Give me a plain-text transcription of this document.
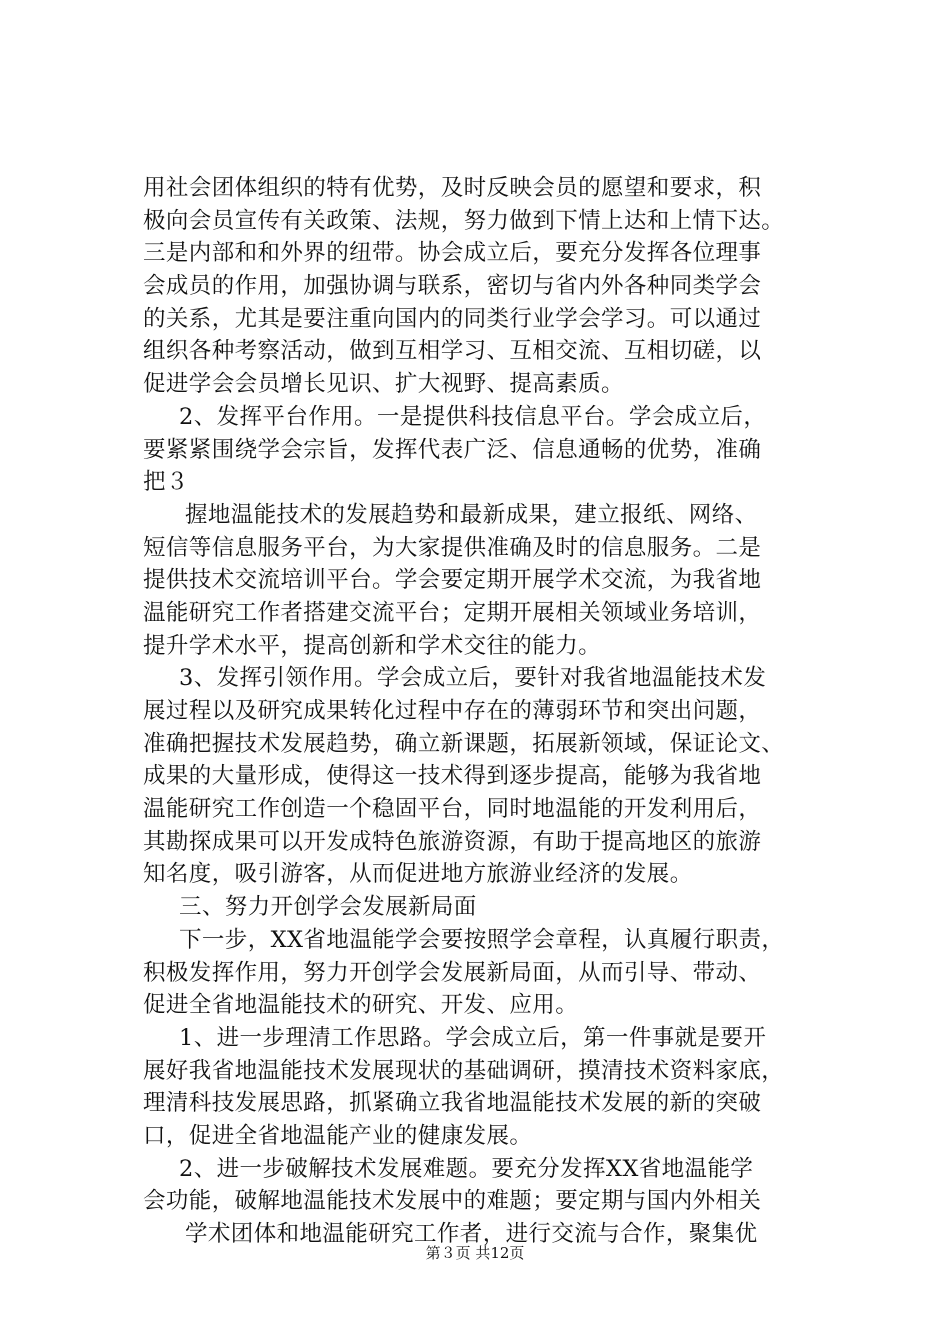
用社会团体组织的特有优势，及时反映会员的愿望和要求，积
极向会员宣传有关政策、法规，努力做到下情上达和上情下达。
三是内部和和外界的纽带。协会成立后，要充分发挥各位理事
会成员的作用，加强协调与联系，密切与省内外各种同类学会
的关系，尤其是要注重向国内的同类行业学会学习。可以通过
组织各种考察活动，做到互相学习、互相交流、互相切磋，以
促进学会会员增长见识、扩大视野、提高素质。
2、发挥平台作用。一是提供科技信息平台。学会成立后，
要紧紧围绕学会宗旨，发挥代表广泛、信息通畅的优势，准确
把３
握地温能技术的发展趋势和最新成果，建立报纸、网络、
短信等信息服务平台，为大家提供准确及时的信息服务。二是
提供技术交流培训平台。学会要定期开展学术交流，为我省地
温能研究工作者搭建交流平台；定期开展相关领域业务培训，
提升学术水平，提高创新和学术交往的能力。
3、发挥引领作用。学会成立后，要针对我省地温能技术发
展过程以及研究成果转化过程中存在的薄弱环节和突出问题，
准确把握技术发展趋势，确立新课题，拓展新领域，保证论文、
成果的大量形成，使得这一技术得到逐步提高，能够为我省地
温能研究工作创造一个稳固平台，同时地温能的开发利用后，
其勘探成果可以开发成特色旅游资源，有助于提高地区的旅游
知名度，吸引游客，从而促进地方旅游业经济的发展。
三、努力开创学会发展新局面
下一步，XX省地温能学会要按照学会章程，认真履行职责，
积极发挥作用，努力开创学会发展新局面，从而引导、带动、
促进全省地温能技术的研究、开发、应用。
1、进一步理清工作思路。学会成立后，第一件事就是要开
展好我省地温能技术发展现状的基础调研，摸清技术资料家底，
理清科技发展思路，抓紧确立我省地温能技术发展的新的突破
口，促进全省地温能产业的健康发展。
2、进一步破解技术发展难题。要充分发挥XX省地温能学
会功能，破解地温能技术发展中的难题；要定期与国内外相关
学术团体和地温能研究工作者，进行交流与合作，聚集优
第３页 共12页
